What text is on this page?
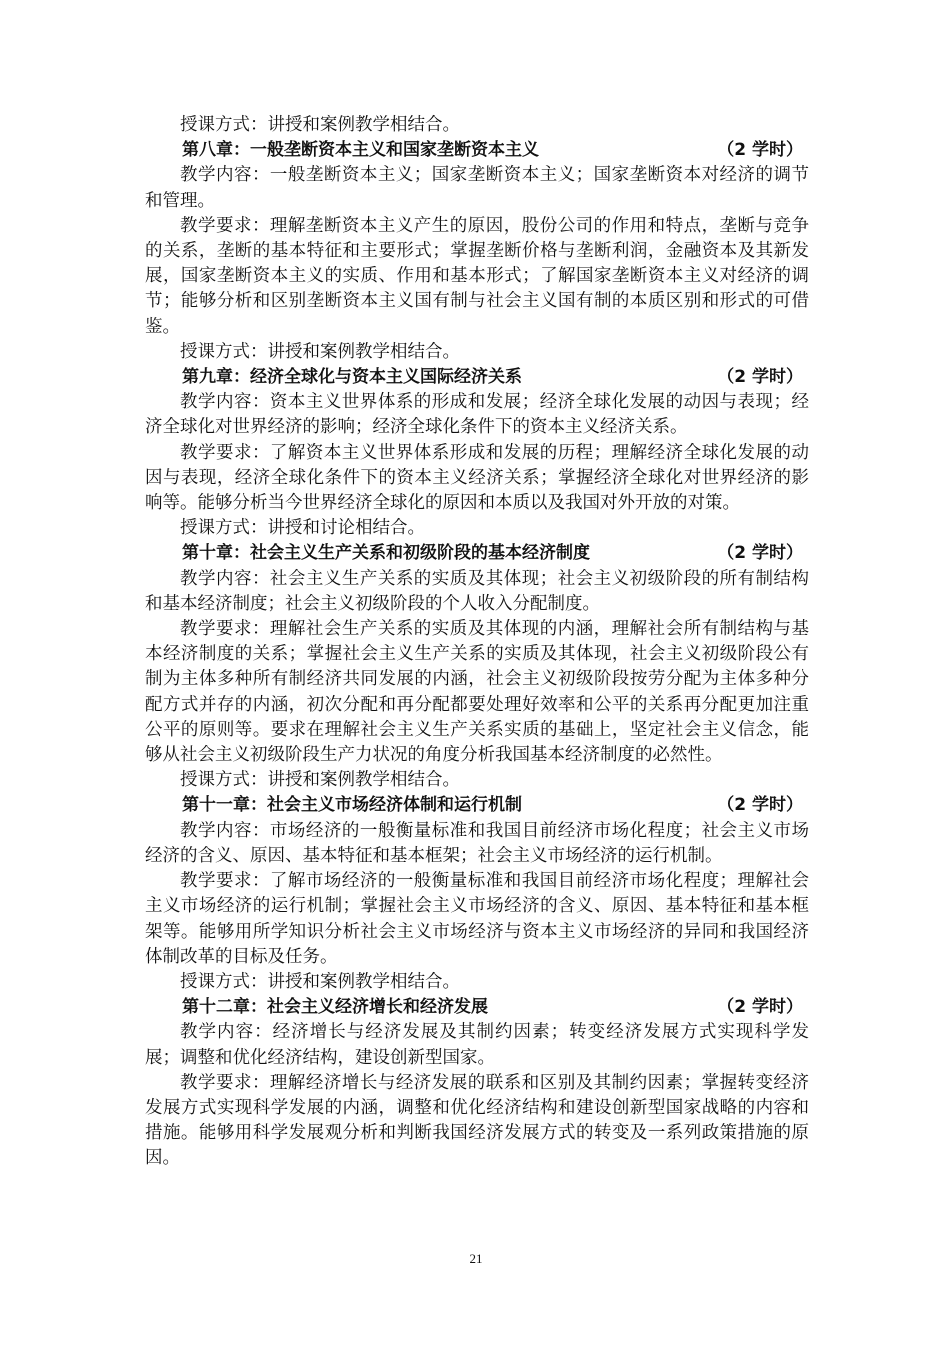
授课方式：讲授和案例教学相结合。

第八章：一般垄断资本主义和国家垄断资本主义	（2 学时）

教学内容：一般垄断资本主义；国家垄断资本主义；国家垄断资本对经济的调节和管理。

教学要求：理解垄断资本主义产生的原因，股份公司的作用和特点，垄断与竞争的关系，垄断的基本特征和主要形式；掌握垄断价格与垄断利润，金融资本及其新发展，国家垄断资本主义的实质、作用和基本形式；了解国家垄断资本主义对经济的调节；能够分析和区别垄断资本主义国有制与社会主义国有制的本质区别和形式的可借鉴。

授课方式：讲授和案例教学相结合。

第九章：经济全球化与资本主义国际经济关系	（2 学时）

教学内容：资本主义世界体系的形成和发展；经济全球化发展的动因与表现；经济全球化对世界经济的影响；经济全球化条件下的资本主义经济关系。

教学要求：了解资本主义世界体系形成和发展的历程；理解经济全球化发展的动因与表现，经济全球化条件下的资本主义经济关系；掌握经济全球化对世界经济的影响等。能够分析当今世界经济全球化的原因和本质以及我国对外开放的对策。

授课方式：讲授和讨论相结合。

第十章：社会主义生产关系和初级阶段的基本经济制度	（2 学时）

教学内容：社会主义生产关系的实质及其体现；社会主义初级阶段的所有制结构和基本经济制度；社会主义初级阶段的个人收入分配制度。

教学要求：理解社会生产关系的实质及其体现的内涵，理解社会所有制结构与基本经济制度的关系；掌握社会主义生产关系的实质及其体现，社会主义初级阶段公有制为主体多种所有制经济共同发展的内涵，社会主义初级阶段按劳分配为主体多种分配方式并存的内涵，初次分配和再分配都要处理好效率和公平的关系再分配更加注重公平的原则等。要求在理解社会主义生产关系实质的基础上，坚定社会主义信念，能够从社会主义初级阶段生产力状况的角度分析我国基本经济制度的必然性。

授课方式：讲授和案例教学相结合。

第十一章：社会主义市场经济体制和运行机制	（2 学时）

教学内容：市场经济的一般衡量标准和我国目前经济市场化程度；社会主义市场经济的含义、原因、基本特征和基本框架；社会主义市场经济的运行机制。

教学要求：了解市场经济的一般衡量标准和我国目前经济市场化程度；理解社会主义市场经济的运行机制；掌握社会主义市场经济的含义、原因、基本特征和基本框架等。能够用所学知识分析社会主义市场经济与资本主义市场经济的异同和我国经济体制改革的目标及任务。

授课方式：讲授和案例教学相结合。

第十二章：社会主义经济增长和经济发展	（2 学时）

教学内容：经济增长与经济发展及其制约因素；转变经济发展方式实现科学发展；调整和优化经济结构，建设创新型国家。

教学要求：理解经济增长与经济发展的联系和区别及其制约因素；掌握转变经济发展方式实现科学发展的内涵，调整和优化经济结构和建设创新型国家战略的内容和措施。能够用科学发展观分析和判断我国经济发展方式的转变及一系列政策措施的原因。

21
